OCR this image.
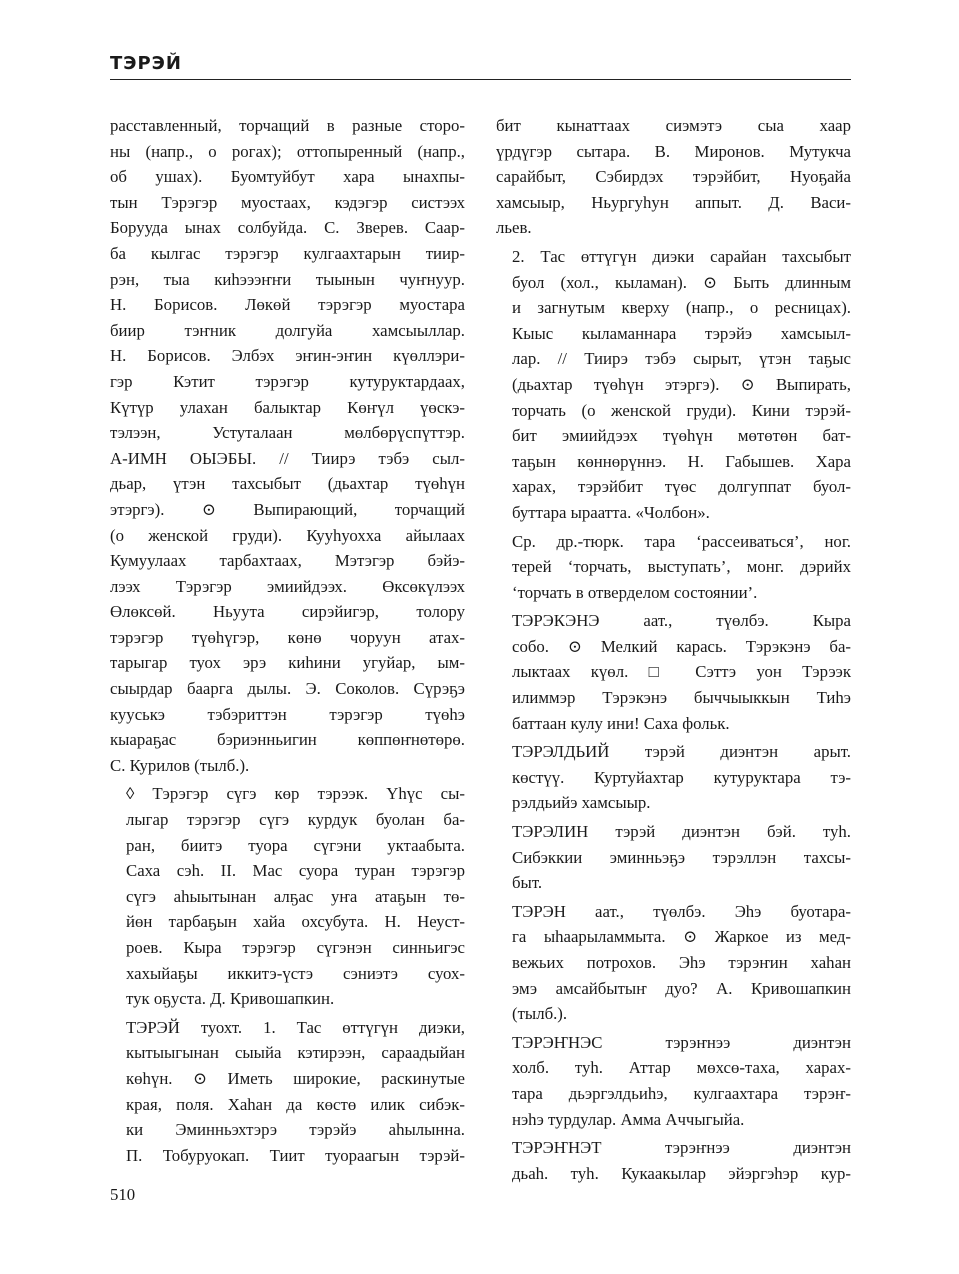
ТЭРЭЙ

расставленный, торчащий в разные сторо-
ны (напр., о рогах); оттопыренный (напр.,
об ушах). Буомтуйбут хара ынахпы-
тын Тэрэгэр муостаах, кэдэгэр систээх
Борууда ынах солбуйда. С. Зверев. Саар-
ба кылгас тэрэгэр кулгаахтарын тиир-
рэн, тыа киһэээҥҥи тыынын чуҥнуур.
Н. Борисов. Лөкөй тэрэгэр муостара
биир тэҥник долгуйа хамсыыллар.
Н. Борисов. Элбэх эҥин-эҥин күөллэри-
гэр Кэтит тэрэгэр кутуруктардаах,
Күтүр улахан балыктар Көҥүл үөскэ-
тэлээн, Устуталаан мөлбөрүспүттэр.
А-ИМН ОЫЭБЫ. // Тиирэ тэбэ сыл-
дьар, үтэн тахсыбыт (дьахтар түөһүн
этэргэ). ⊙ Выпирающий, торчащий
(о женской груди). Кууһуохха айылаах
Кумуулаах тарбахтаах, Мэтэгэр бэйэ-
лээх Тэрэгэр эмиийдээх. Өксөкүлээх
Өлөксөй. Ньуута сирэйигэр, толору
тэрэгэр түөһүгэр, көнө чоруун атах-
тарыгар туох эрэ киһини угуйар, ым-
сыырдар баарга дылы. Э. Соколов. Сүрэҕэ
кууськэ тэбэриттэн тэрэгэр түөһэ
кыараҕас бэриэнньигин көппөҥнөтөрө.
С. Курилов (тылб.).

◊ Тэрэгэр сүгэ көр тэрээк. Үһүс сы-
лыгар тэрэгэр сүгэ курдук буолан ба-
ран, биитэ туора сүгэни уктаабыта.
Саха сэһ. II. Мас суора туран тэрэгэр
сүгэ аһыытынан алҕас уҥа атаҕын тө-
йөн тарбаҕын хайа охсубута. Н. Неуст-
роев. Кыра тэрэгэр сүгэнэн синньигэс
хахыйаҕы иккитэ-үстэ сэниэтэ суох-
тук оҕуста. Д. Кривошапкин.

ТЭРЭЙ туохт. 1. Тас өттүгүн диэки,
кытыыгынан сыыйа кэтирээн, сараадыйан
көһүн. ⊙ Иметь широкие, раскинутые
края, поля. Хаһан да көстө илик сибэк-
ки Эминньэхтэрэ тэрэйэ аһылынна.
П. Тобуруокап. Тиит туораагын тэрэй-

бит кынаттаах сиэмэтэ сыа хаар
үрдүгэр сытара. В. Миронов. Мутукча
сарайбыт, Сэбирдэх тэрэйбит, Нуоҕайа
хамсыыр, Ньургуһун аппыт. Д. Васи-
льев.

2. Тас өттүгүн диэки сарайан тахсыбыт
буол (хол., кыламан). ⊙ Быть длинным
и загнутым кверху (напр., о ресницах).
Кыыс кыламаннара тэрэйэ хамсыыл-
лар. // Тиирэ тэбэ сырыт, үтэн таҕыс
(дьахтар түөһүн этэргэ). ⊙ Выпирать,
торчать (о женской груди). Кини тэрэй-
бит эмиийдээх түөһүн мөтөтөн бат-
таҕын көннөрүннэ. Н. Габышев. Хара
харах, тэрэйбит түөс долгуппат буол-
буттара ыраатта. «Чолбон».

Ср. др.-тюрк. тара ‘рассеиваться’, ног.
терей ‘торчать, выступать’, монг. дэрийх
‘торчать в отверделом состоянии’.

ТЭРЭКЭНЭ аат., түөлбэ. Кыра
собо. ⊙ Мелкий карась. Тэрэкэнэ ба-
лыктаах күөл. □ Сэттэ уон Тэрээк
илиммэр Тэрэкэнэ быччыыккын Тиһэ
баттаан кулу ини! Саха фольк.

ТЭРЭЛДЬИЙ тэрэй диэнтэн арыт.
көстүү. Куртуйахтар кутуруктара тэ-
рэлдьийэ хамсыыр.

ТЭРЭЛИН тэрэй диэнтэн бэй. туһ.
Сибэккии эминньэҕэ тэрэллэн тахсы-
быт.

ТЭРЭН аат., түөлбэ. Эһэ буотара-
га ыһаарыламмыта. ⊙ Жаркое из мед-
вежьих потрохов. Эһэ тэрэҥин хаһан
эмэ амсайбытыҥ дуо? А. Кривошапкин
(тылб.).

ТЭРЭҤНЭС тэрэҥнээ диэнтэн
холб. туһ. Аттар мөхсө-таха, харах-
тара дьэргэлдьиһэ, кулгаахтара тэрэҥ-
нэһэ турдулар. Амма Аччыгыйа.

ТЭРЭҤНЭТ тэрэҥнээ диэнтэн
дьаһ. туһ. Кукаакылар эйэргэһэр кур-

510
